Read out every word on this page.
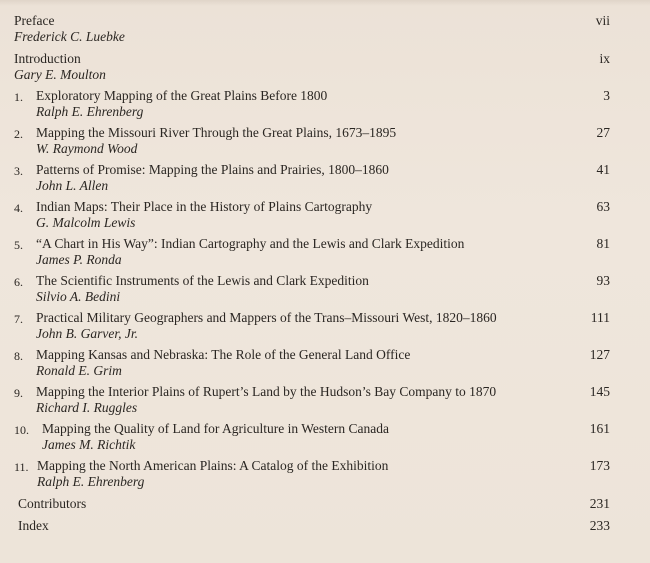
Preface
Frederick C. Luebke
vii
Introduction
Gary E. Moulton
ix
1. Exploratory Mapping of the Great Plains Before 1800
Ralph E. Ehrenberg
3
2. Mapping the Missouri River Through the Great Plains, 1673–1895
W. Raymond Wood
27
3. Patterns of Promise: Mapping the Plains and Prairies, 1800–1860
John L. Allen
41
4. Indian Maps: Their Place in the History of Plains Cartography
G. Malcolm Lewis
63
5. “A Chart in His Way”: Indian Cartography and the Lewis and Clark Expedition
James P. Ronda
81
6. The Scientific Instruments of the Lewis and Clark Expedition
Silvio A. Bedini
93
7. Practical Military Geographers and Mappers of the Trans–Missouri West, 1820–1860
John B. Garver, Jr.
111
8. Mapping Kansas and Nebraska: The Role of the General Land Office
Ronald E. Grim
127
9. Mapping the Interior Plains of Rupert’s Land by the Hudson’s Bay Company to 1870
Richard I. Ruggles
145
10. Mapping the Quality of Land for Agriculture in Western Canada
James M. Richtik
161
11. Mapping the North American Plains: A Catalog of the Exhibition
Ralph E. Ehrenberg
173
Contributors	231
Index	233
